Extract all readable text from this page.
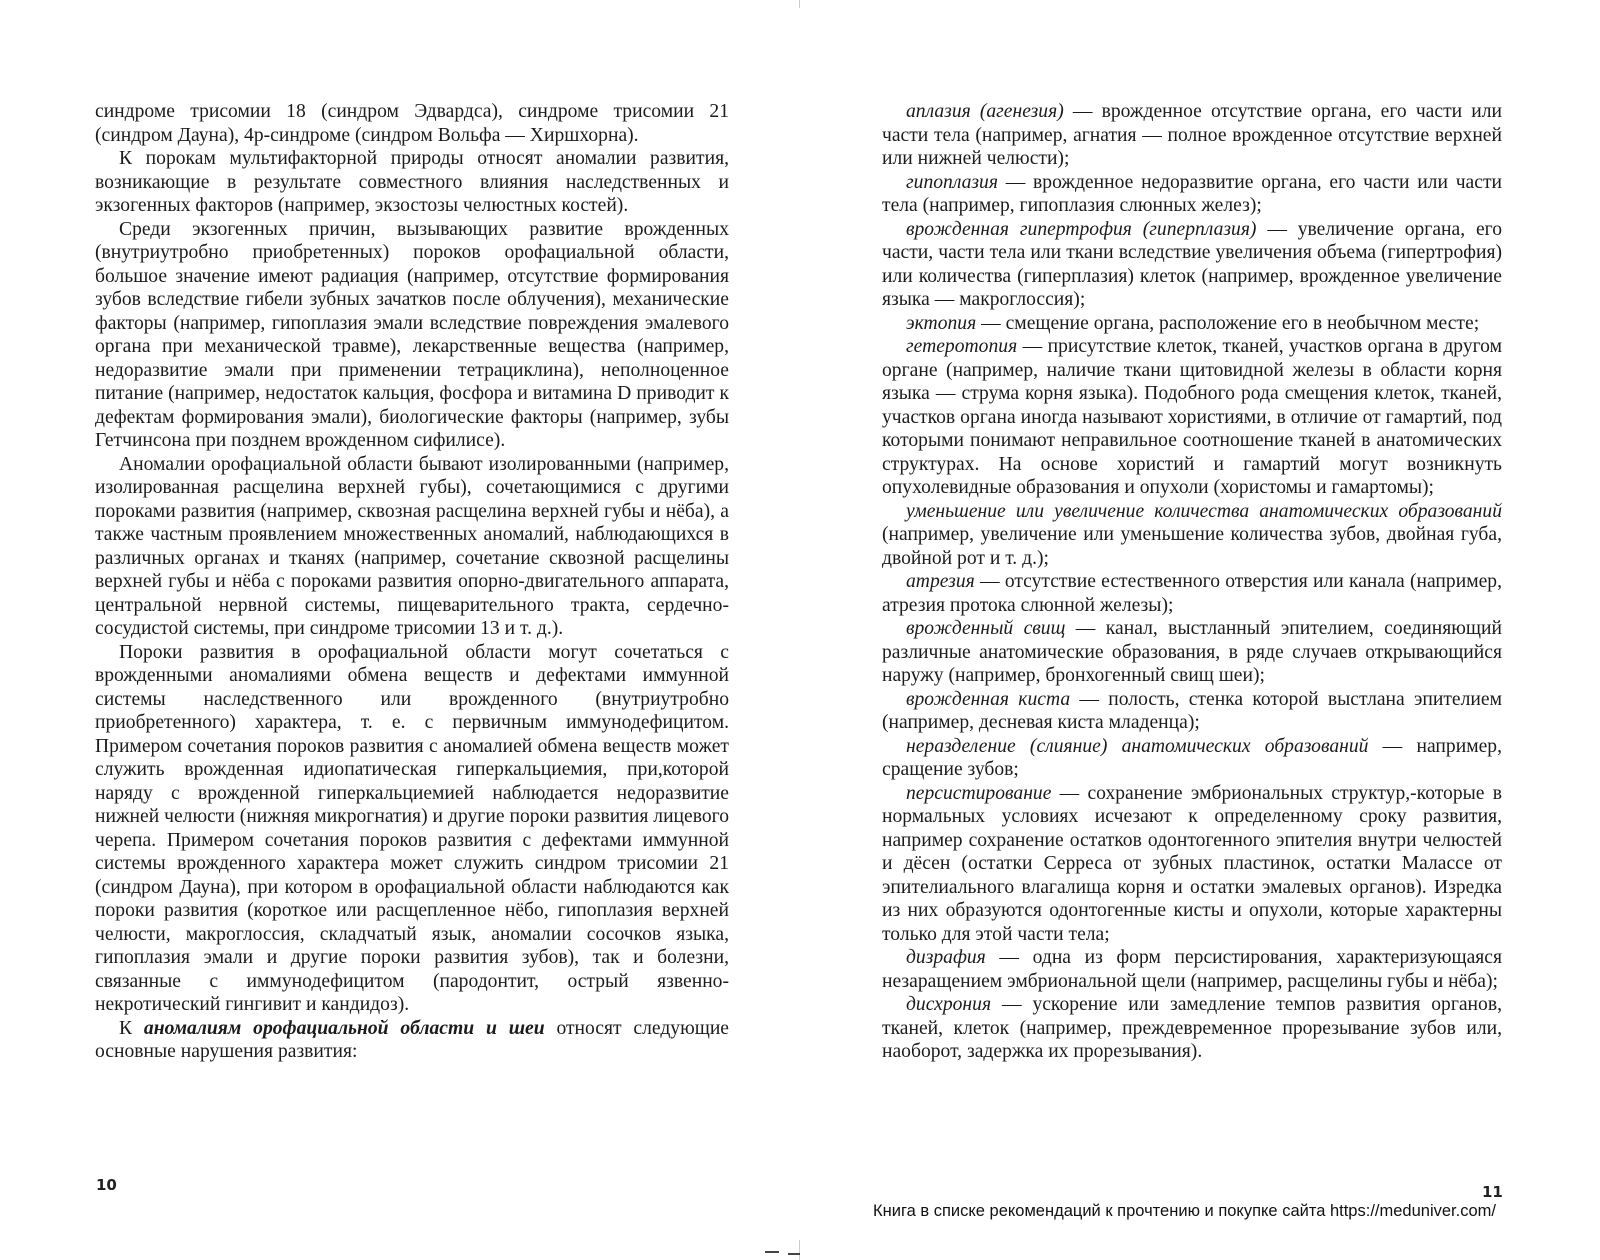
синдроме трисомии 18 (синдром Эдвардса), синдроме трисомии 21 (синдром Дауна), 4р-синдроме (синдром Вольфа — Хиршхорна).

К порокам мультифакторной природы относят аномалии развития, возникающие в результате совместного влияния наследственных и экзогенных факторов (например, экзостозы челюстных костей).

Среди экзогенных причин, вызывающих развитие врожденных (внутриутробно приобретенных) пороков орофациальной области, большое значение имеют радиация (например, отсутствие формирования зубов вследствие гибели зубных зачатков после облучения), механические факторы (например, гипоплазия эмали вследствие повреждения эмалевого органа при механической травме), лекарственные вещества (например, недоразвитие эмали при применении тетрациклина), неполноценное питание (например, недостаток кальция, фосфора и витамина D приводит к дефектам формирования эмали), биологические факторы (например, зубы Гетчинсона при позднем врожденном сифилисе).

Аномалии орофациальной области бывают изолированными (например, изолированная расщелина верхней губы), сочетающимися с другими пороками развития (например, сквозная расщелина верхней губы и нёба), а также частным проявлением множественных аномалий, наблюдающихся в различных органах и тканях (например, сочетание сквозной расщелины верхней губы и нёба с пороками развития опорно-двигательного аппарата, центральной нервной системы, пищеварительного тракта, сердечно-сосудистой системы, при синдроме трисомии 13 и т. д.).

Пороки развития в орофациальной области могут сочетаться с врожденными аномалиями обмена веществ и дефектами иммунной системы наследственного или врожденного (внутриутробно приобретенного) характера, т. е. с первичным иммунодефицитом. Примером сочетания пороков развития с аномалией обмена веществ может служить врожденная идиопатическая гиперкальциемия, при,которой наряду с врожденной гиперкальциемией наблюдается недоразвитие нижней челюсти (нижняя микрогнатия) и другие пороки развития лицевого черепа. Примером сочетания пороков развития с дефектами иммунной системы врожденного характера может служить синдром трисомии 21 (синдром Дауна), при котором в орофациальной области наблюдаются как пороки развития (короткое или расщепленное нёбо, гипоплазия верхней челюсти, макроглоссия, складчатый язык, аномалии сосочков языка, гипоплазия эмали и другие пороки развития зубов), так и болезни, связанные с иммунодефицитом (пародонтит, острый язвенно-некротический гингивит и кандидоз).

К аномалиям орофациальной области и шеи относят следующие основные нарушения развития:

10

аплазия (агенезия) — врожденное отсутствие органа, его части или части тела (например, агнатия — полное врожденное отсутствие верхней или нижней челюсти);

гипоплазия — врожденное недоразвитие органа, его части или части тела (например, гипоплазия слюнных желез);

врожденная гипертрофия (гиперплазия) — увеличение органа, его части, части тела или ткани вследствие увеличения объема (гипертрофия) или количества (гиперплазия) клеток (например, врожденное увеличение языка — макроглоссия);

эктопия — смещение органа, расположение его в необычном месте;

гетеротопия — присутствие клеток, тканей, участков органа в другом органе (например, наличие ткани щитовидной железы в области корня языка — струма корня языка). Подобного рода смещения клеток, тканей, участков органа иногда называют хористиями, в отличие от гамартий, под которыми понимают неправильное соотношение тканей в анатомических структурах. На основе хористий и гамартий могут возникнуть опухолевидные образования и опухоли (хористомы и гамартомы);

уменьшение или увеличение количества анатомических образований (например, увеличение или уменьшение количества зубов, двойная губа, двойной рот и т. д.);

атрезия — отсутствие естественного отверстия или канала (например, атрезия протока слюнной железы);

врожденный свищ — канал, выстланный эпителием, соединяющий различные анатомические образования, в ряде случаев открывающийся наружу (например, бронхогенный свищ шеи);

врожденная киста — полость, стенка которой выстлана эпителием (например, десневая киста младенца);

неразделение (слияние) анатомических образований — например, сращение зубов;

персистирование — сохранение эмбриональных структур,-которые в нормальных условиях исчезают к определенному сроку развития, например сохранение остатков одонтогенного эпителия внутри челюстей и дёсен (остатки Серреса от зубных пластинок, остатки Малассе от эпителиального влагалища корня и остатки эмалевых органов). Изредка из них образуются одонтогенные кисты и опухоли, которые характерны только для этой части тела;

дизрафия — одна из форм персистирования, характеризующаяся незаращением эмбриональной щели (например, расщелины губы и нёба);

дисхрония — ускорение или замедление темпов развития органов, тканей, клеток (например, преждевременное прорезывание зубов или, наоборот, задержка их прорезывания).

11
Книга в списке рекомендаций к прочтению и покупке сайта https://meduniver.com/
